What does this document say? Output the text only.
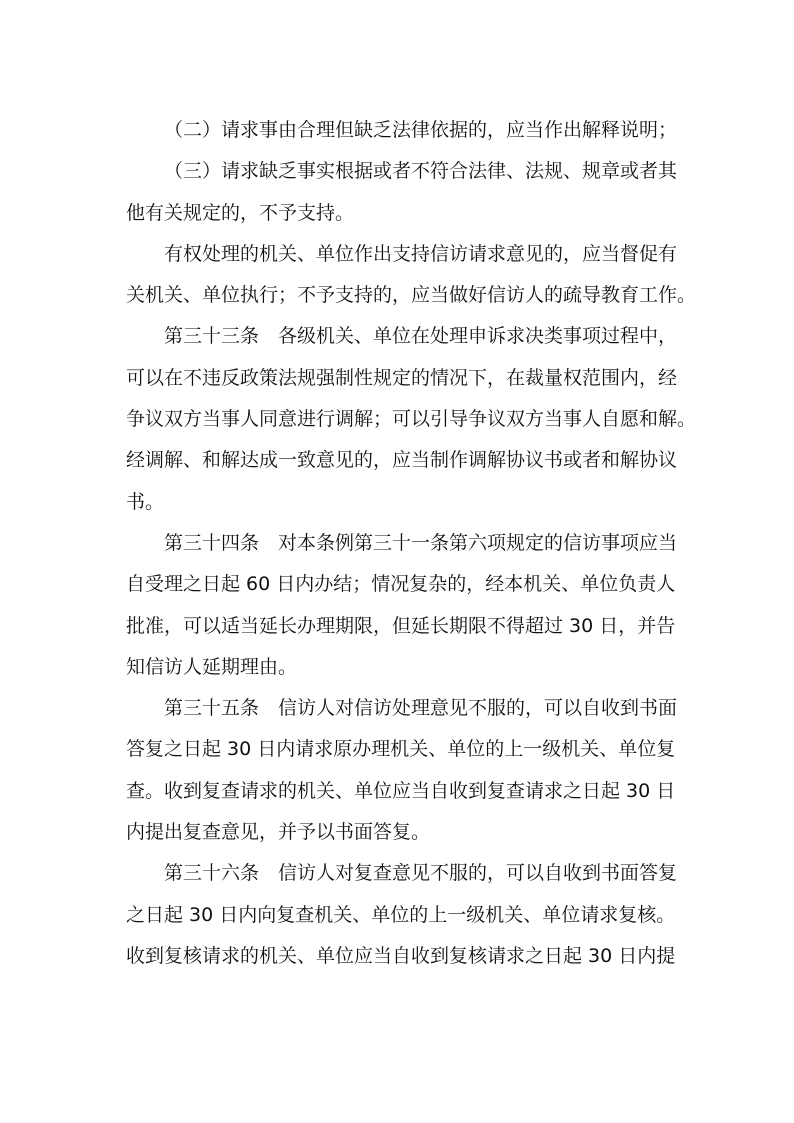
（二）请求事由合理但缺乏法律依据的，应当作出解释说明；
（三）请求缺乏事实根据或者不符合法律、法规、规章或者其
他有关规定的，不予支持。
有权处理的机关、单位作出支持信访请求意见的，应当督促有
关机关、单位执行；不予支持的，应当做好信访人的疏导教育工作。
第三十三条　各级机关、单位在处理申诉求决类事项过程中，
可以在不违反政策法规强制性规定的情况下，在裁量权范围内，经
争议双方当事人同意进行调解；可以引导争议双方当事人自愿和解。
经调解、和解达成一致意见的，应当制作调解协议书或者和解协议
书。
第三十四条　对本条例第三十一条第六项规定的信访事项应当
自受理之日起 60 日内办结；情况复杂的，经本机关、单位负责人
批准，可以适当延长办理期限，但延长期限不得超过 30 日，并告
知信访人延期理由。
第三十五条　信访人对信访处理意见不服的，可以自收到书面
答复之日起 30 日内请求原办理机关、单位的上一级机关、单位复
查。收到复查请求的机关、单位应当自收到复查请求之日起 30 日
内提出复查意见，并予以书面答复。
第三十六条　信访人对复查意见不服的，可以自收到书面答复
之日起 30 日内向复查机关、单位的上一级机关、单位请求复核。
收到复核请求的机关、单位应当自收到复核请求之日起 30 日内提
